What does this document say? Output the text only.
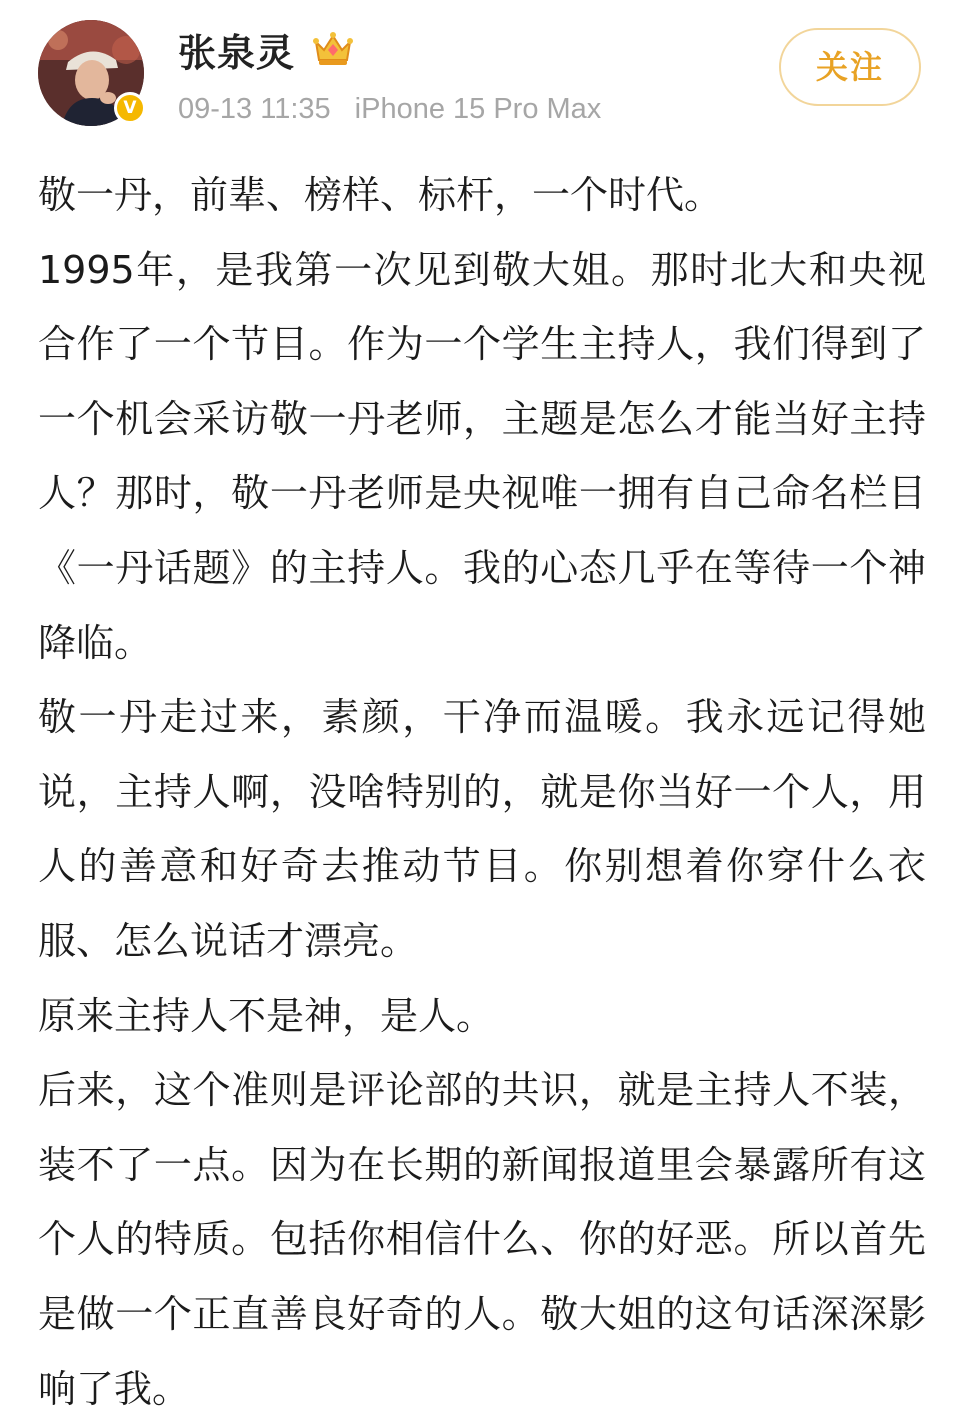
V
张泉灵
09-13 11:35 iPhone 15 Pro Max
关注

敬一丹，前辈、榜样、标杆，一个时代。

1995年，是我第一次见到敬大姐。那时北大和央视合作了一个节目。作为一个学生主持人，我们得到了一个机会采访敬一丹老师，主题是怎么才能当好主持人？那时，敬一丹老师是央视唯一拥有自己命名栏目《一丹话题》的主持人。我的心态几乎在等待一个神降临。

敬一丹走过来，素颜，干净而温暖。我永远记得她说，主持人啊，没啥特别的，就是你当好一个人，用人的善意和好奇去推动节目。你别想着你穿什么衣服、怎么说话才漂亮。

原来主持人不是神，是人。

后来，这个准则是评论部的共识，就是主持人不装，装不了一点。因为在长期的新闻报道里会暴露所有这个人的特质。包括你相信什么、你的好恶。所以首先是做一个正直善良好奇的人。敬大姐的这句话深深影响了我。
